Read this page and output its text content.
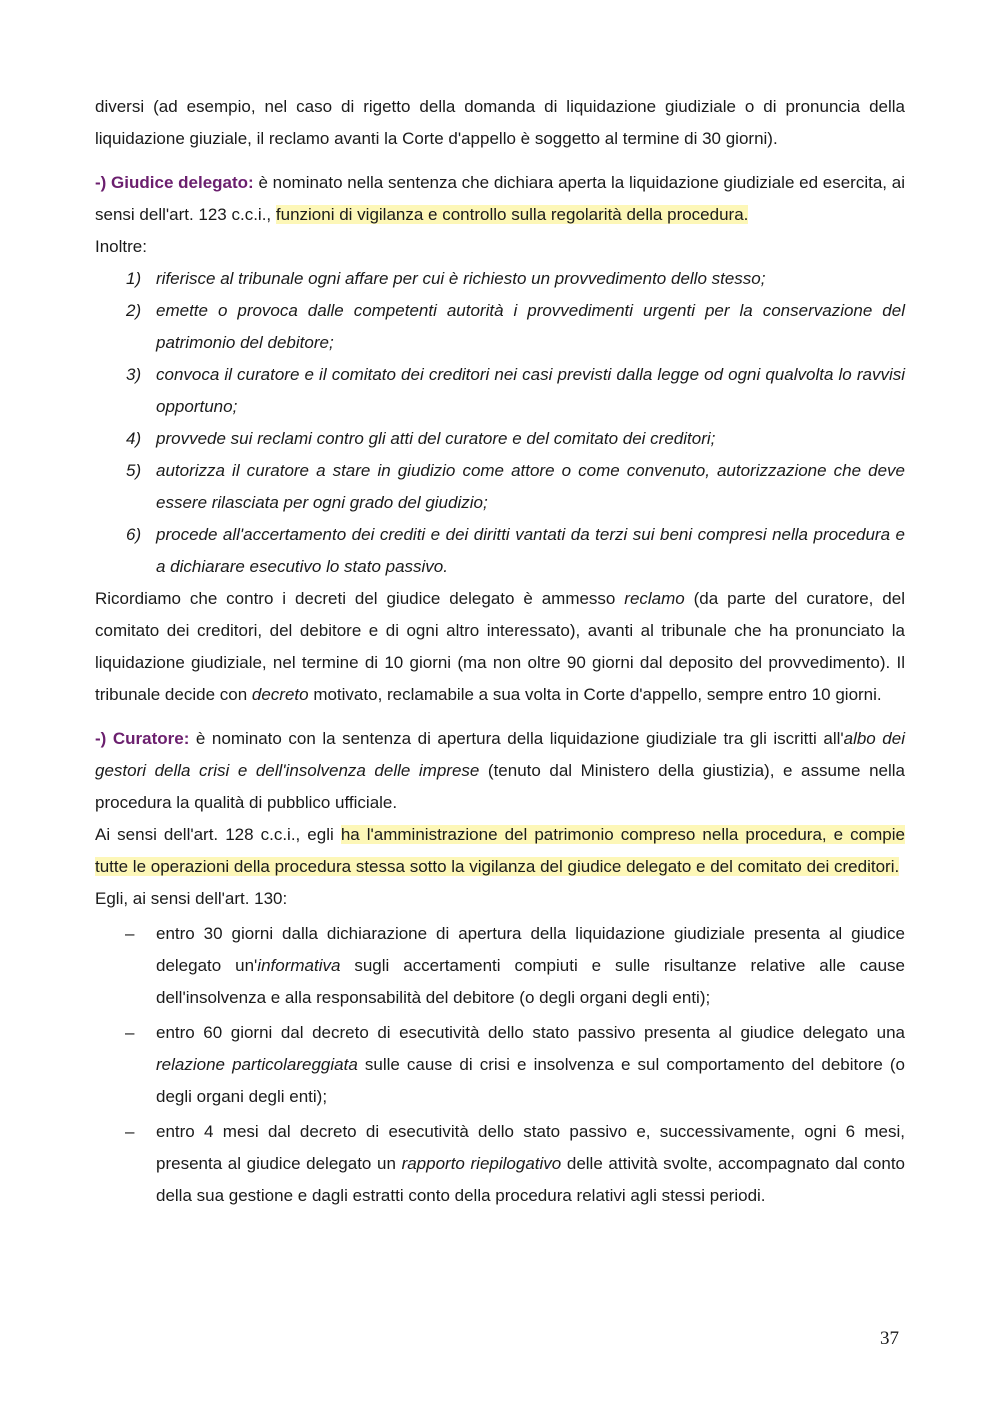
diversi (ad esempio, nel caso di rigetto della domanda di liquidazione giudiziale o di pronuncia della liquidazione giuziale, il reclamo avanti la Corte d'appello è soggetto al termine di 30 giorni).

-) Giudice delegato: è nominato nella sentenza che dichiara aperta la liquidazione giudiziale ed esercita, ai sensi dell'art. 123 c.c.i., funzioni di vigilanza e controllo sulla regolarità della procedura.

Inoltre:

1) riferisce al tribunale ogni affare per cui è richiesto un provvedimento dello stesso;
2) emette o provoca dalle competenti autorità i provvedimenti urgenti per la conservazione del patrimonio del debitore;
3) convoca il curatore e il comitato dei creditori nei casi previsti dalla legge od ogni qualvolta lo ravvisi opportuno;
4) provvede sui reclami contro gli atti del curatore e del comitato dei creditori;
5) autorizza il curatore a stare in giudizio come attore o come convenuto, autorizzazione che deve essere rilasciata per ogni grado del giudizio;
6) procede all'accertamento dei crediti e dei diritti vantati da terzi sui beni compresi nella procedura e a dichiarare esecutivo lo stato passivo.

Ricordiamo che contro i decreti del giudice delegato è ammesso reclamo (da parte del curatore, del comitato dei creditori, del debitore e di ogni altro interessato), avanti al tribunale che ha pronunciato la liquidazione giudiziale, nel termine di 10 giorni (ma non oltre 90 giorni dal deposito del provvedimento). Il tribunale decide con decreto motivato, reclamabile a sua volta in Corte d'appello, sempre entro 10 giorni.

-) Curatore: è nominato con la sentenza di apertura della liquidazione giudiziale tra gli iscritti all'albo dei gestori della crisi e dell'insolvenza delle imprese (tenuto dal Ministero della giustizia), e assume nella procedura la qualità di pubblico ufficiale.

Ai sensi dell'art. 128 c.c.i., egli ha l'amministrazione del patrimonio compreso nella procedura, e compie tutte le operazioni della procedura stessa sotto la vigilanza del giudice delegato e del comitato dei creditori.

Egli, ai sensi dell'art. 130:

– entro 30 giorni dalla dichiarazione di apertura della liquidazione giudiziale presenta al giudice delegato un'informativa sugli accertamenti compiuti e sulle risultanze relative alle cause dell'insolvenza e alla responsabilità del debitore (o degli organi degli enti);
– entro 60 giorni dal decreto di esecutività dello stato passivo presenta al giudice delegato una relazione particolareggiata sulle cause di crisi e insolvenza e sul comportamento del debitore (o degli organi degli enti);
– entro 4 mesi dal decreto di esecutività dello stato passivo e, successivamente, ogni 6 mesi, presenta al giudice delegato un rapporto riepilogativo delle attività svolte, accompagnato dal conto della sua gestione e dagli estratti conto della procedura relativi agli stessi periodi.
37
